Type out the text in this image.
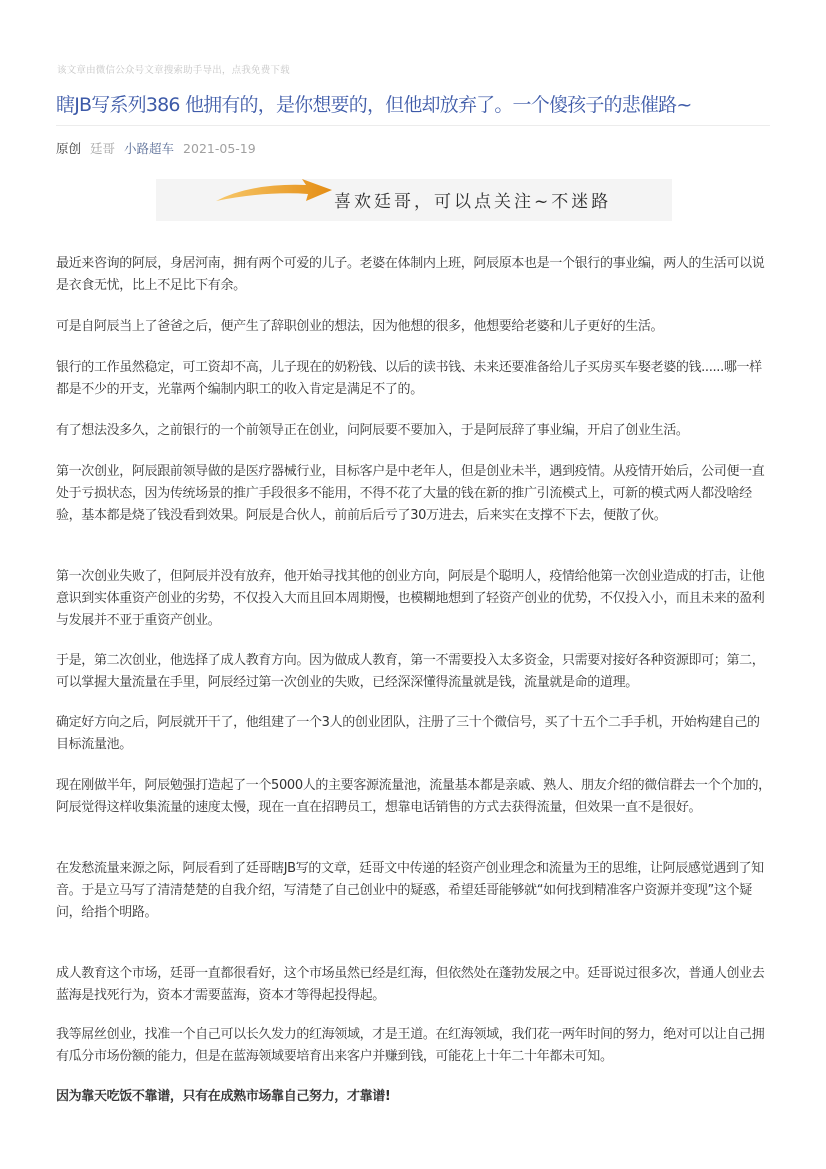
该文章由微信公众号文章搜索助手导出，点我免费下载
瞎JB写系列386 他拥有的，是你想要的，但他却放弃了。一个傻孩子的悲催路~
原创 廷哥 小路超车 2021-05-19
喜欢廷哥，可以点关注~不迷路

最近来咨询的阿辰，身居河南，拥有两个可爱的儿子。老婆在体制内上班，阿辰原本也是一个银行的事业编，两人的生活可以说是衣食无忧，比上不足比下有余。

可是自阿辰当上了爸爸之后，便产生了辞职创业的想法，因为他想的很多，他想要给老婆和儿子更好的生活。

银行的工作虽然稳定，可工资却不高，儿子现在的奶粉钱、以后的读书钱、未来还要准备给儿子买房买车娶老婆的钱......哪一样都是不少的开支，光靠两个编制内职工的收入肯定是满足不了的。

有了想法没多久，之前银行的一个前领导正在创业，问阿辰要不要加入，于是阿辰辞了事业编，开启了创业生活。

第一次创业，阿辰跟前领导做的是医疗器械行业，目标客户是中老年人，但是创业未半，遇到疫情。从疫情开始后，公司便一直处于亏损状态，因为传统场景的推广手段很多不能用，不得不花了大量的钱在新的推广引流模式上，可新的模式两人都没啥经验，基本都是烧了钱没看到效果。阿辰是合伙人，前前后后亏了30万进去，后来实在支撑不下去，便散了伙。

第一次创业失败了，但阿辰并没有放弃，他开始寻找其他的创业方向，阿辰是个聪明人，疫情给他第一次创业造成的打击，让他意识到实体重资产创业的劣势，不仅投入大而且回本周期慢，也模糊地想到了轻资产创业的优势，不仅投入小，而且未来的盈利与发展并不亚于重资产创业。

于是，第二次创业，他选择了成人教育方向。因为做成人教育，第一不需要投入太多资金，只需要对接好各种资源即可；第二，可以掌握大量流量在手里，阿辰经过第一次创业的失败，已经深深懂得流量就是钱，流量就是命的道理。

确定好方向之后，阿辰就开干了，他组建了一个3人的创业团队，注册了三十个微信号，买了十五个二手手机，开始构建自己的目标流量池。

现在刚做半年，阿辰勉强打造起了一个5000人的主要客源流量池，流量基本都是亲戚、熟人、朋友介绍的微信群去一个个加的，阿辰觉得这样收集流量的速度太慢，现在一直在招聘员工，想靠电话销售的方式去获得流量，但效果一直不是很好。

在发愁流量来源之际，阿辰看到了廷哥瞎JB写的文章，廷哥文中传递的轻资产创业理念和流量为王的思维，让阿辰感觉遇到了知音。于是立马写了清清楚楚的自我介绍，写清楚了自己创业中的疑惑，希望廷哥能够就“如何找到精准客户资源并变现”这个疑问，给指个明路。

成人教育这个市场，廷哥一直都很看好，这个市场虽然已经是红海，但依然处在蓬勃发展之中。廷哥说过很多次，普通人创业去蓝海是找死行为，资本才需要蓝海，资本才等得起投得起。

我等屌丝创业，找准一个自己可以长久发力的红海领域，才是王道。在红海领域，我们花一两年时间的努力，绝对可以让自己拥有瓜分市场份额的能力，但是在蓝海领域要培育出来客户并赚到钱，可能花上十年二十年都未可知。

因为靠天吃饭不靠谱，只有在成熟市场靠自己努力，才靠谱!
